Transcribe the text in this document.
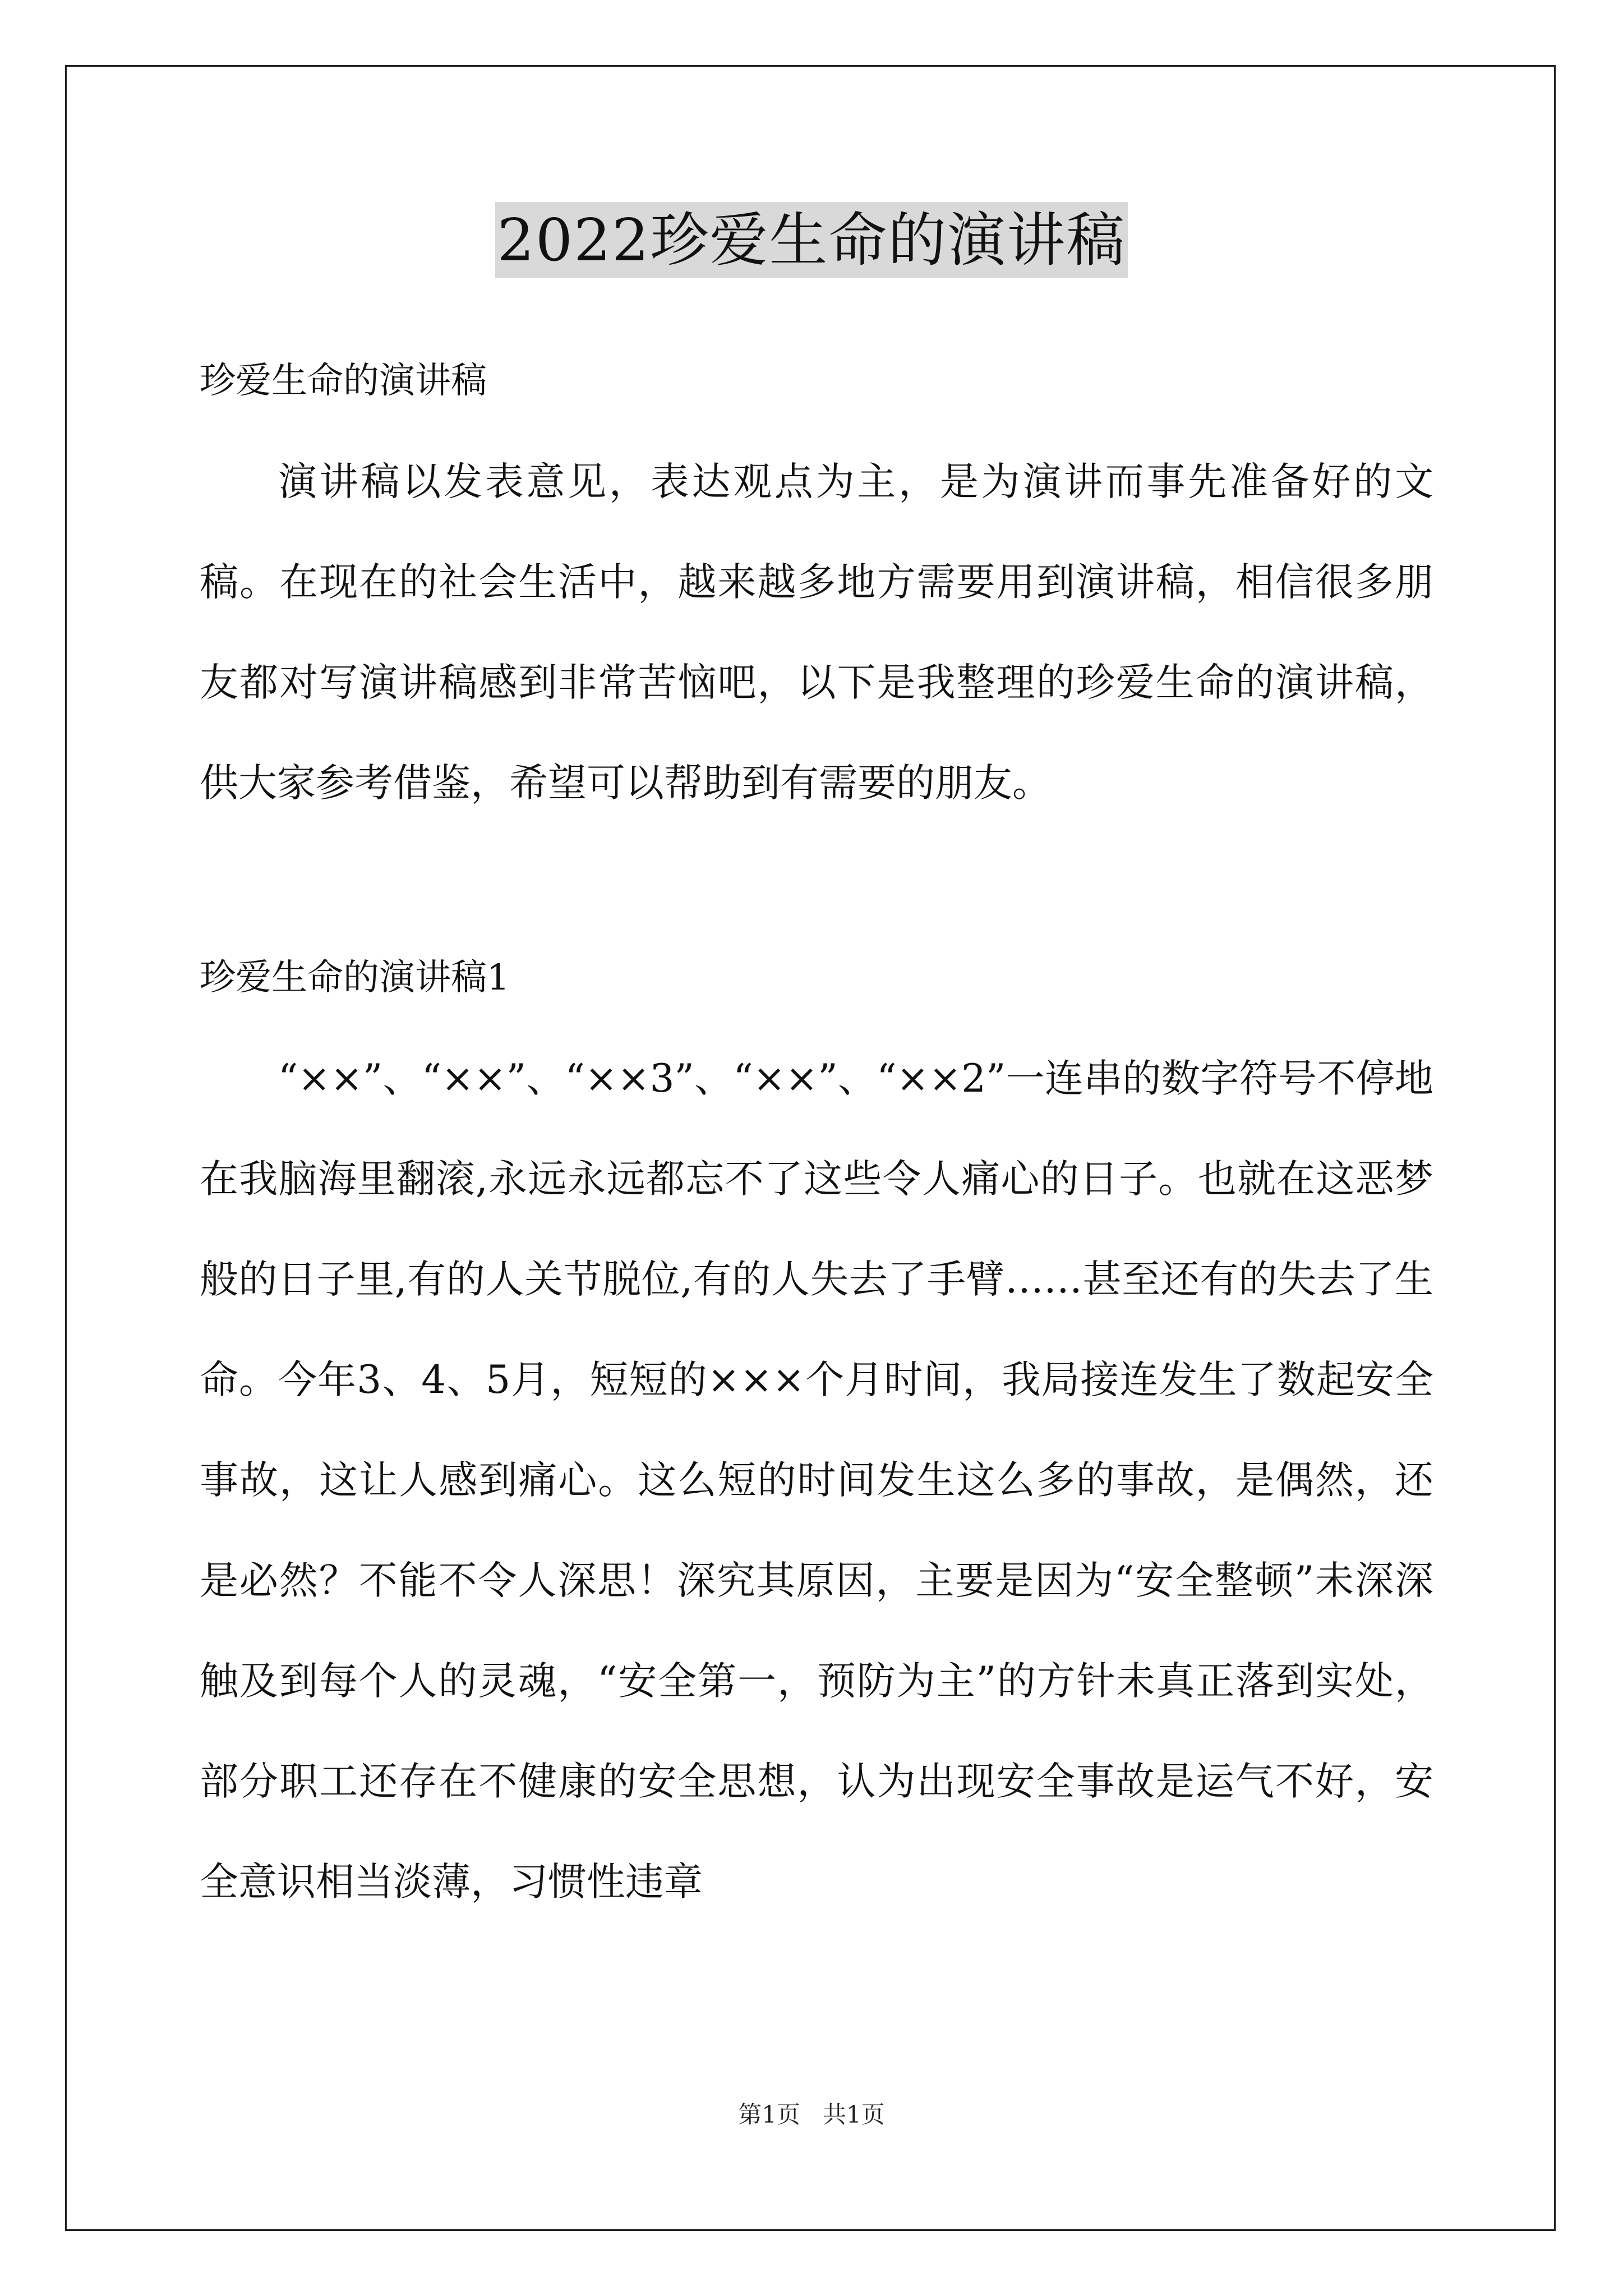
2022珍爱生命的演讲稿

珍爱生命的演讲稿

演讲稿以发表意见，表达观点为主，是为演讲而事先准备好的文稿。在现在的社会生活中，越来越多地方需要用到演讲稿，相信很多朋友都对写演讲稿感到非常苦恼吧，以下是我整理的珍爱生命的演讲稿，供大家参考借鉴，希望可以帮助到有需要的朋友。

珍爱生命的演讲稿1

“××”、“××”、“××3”、“××”、“××2”一连串的数字符号不停地在我脑海里翻滚,永远永远都忘不了这些令人痛心的日子。也就在这恶梦般的日子里,有的人关节脱位,有的人失去了手臂……甚至还有的失去了生命。今年3、4、5月，短短的×××个月时间，我局接连发生了数起安全事故，这让人感到痛心。这么短的时间发生这么多的事故，是偶然，还是必然？不能不令人深思！深究其原因，主要是因为“安全整顿”未深深触及到每个人的灵魂，“安全第一，预防为主”的方针未真正落到实处，部分职工还存在不健康的安全思想，认为出现安全事故是运气不好，安全意识相当淡薄，习惯性违章

第1页   共1页
